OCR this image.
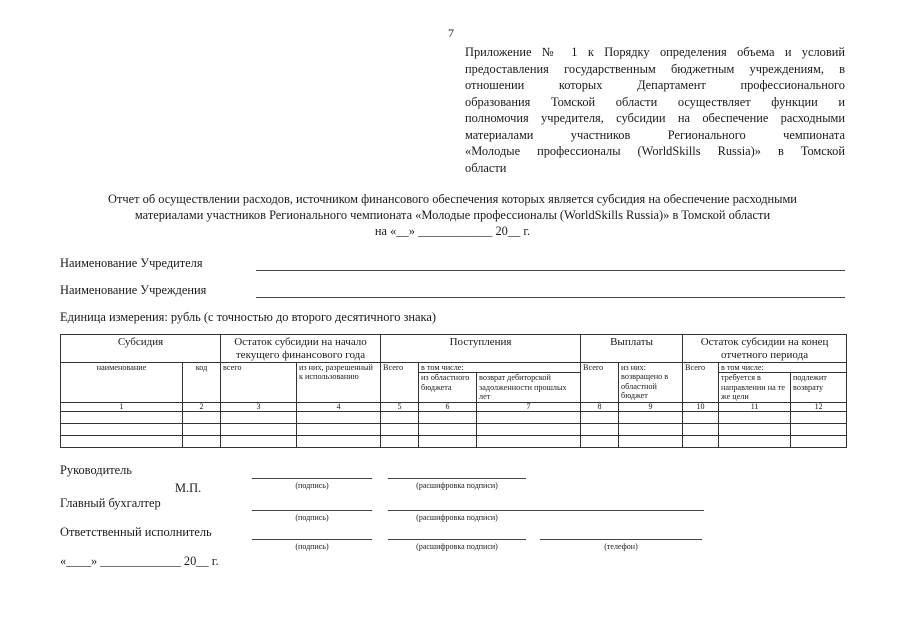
7
Приложение № 1 к Порядку определения объема и условий
предоставления государственным бюджетным учреждениям, в
отношении которых Департамент профессионального
образования Томской области осуществляет функции и
полномочия учредителя, субсидии на обеспечение расходными
материалами участников Регионального чемпионата
«Молодые профессионалы (WorldSkills Russia)» в Томской
области
Отчет об осуществлении расходов, источником финансового обеспечения которых является субсидия на обеспечение расходными
материалами участников Регионального чемпионата «Молодые профессионалы (WorldSkills Russia)» в Томской области
на «__» ____________ 20__ г.
Наименование Учредителя
Наименование Учреждения
Единица измерения: рубль (с точностью до второго десятичного знака)
Субсидия		Остаток субсидии на начало текущего финансового года		Поступления			Выплаты		Остаток субсидии на конец отчетного периода		
наименование	код	всего	из них, разрешенный к использованию	Всего	в том числе:		Всего	из них: возвращено в областной бюджет	Всего	в том числе:	
					из областного бюджета	возврат дебиторской задолженности прошлых лет				требуется в направлении на те же цели	подлежит возврату
1	2	3	4	5	6	7	8	9	10	11	12

Руководитель
М.П.	(подпись)	(расшифровка подписи)
Главный бухгалтер
(подпись)	(расшифровка подписи)
Ответственный исполнитель
(подпись)	(расшифровка подписи)	(телефон)
«____» _____________ 20__ г.
